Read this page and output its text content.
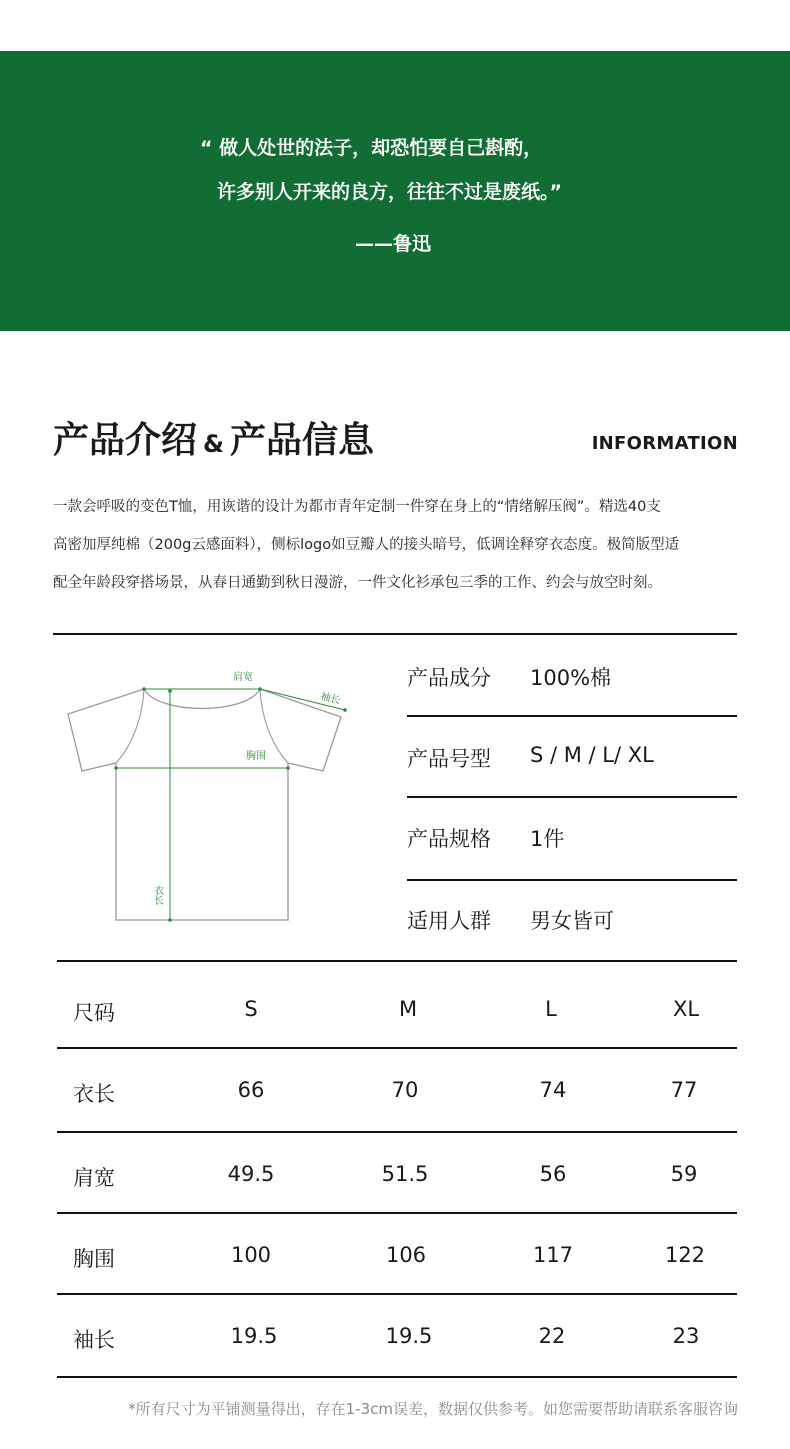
“ 做人处世的法子，却恐怕要自己斟酌，
许多别人开来的良方，往往不过是废纸。”
——鲁迅
产品介绍 & 产品信息	INFORMATION
一款会呼吸的变色T恤，用诙谐的设计为都市青年定制一件穿在身上的“情绪解压阀”。精选40支
高密加厚纯棉（200g云感面料），侧标logo如豆瓣人的接头暗号，低调诠释穿衣态度。极简版型适
配全年龄段穿搭场景，从春日通勤到秋日漫游，一件文化衫承包三季的工作、约会与放空时刻。
肩宽
袖长
胸围
衣长
产品成分 100%棉
产品号型 S / M / L/ XL
产品规格 1件
适用人群 男女皆可
尺码	S	M	L	XL
衣长	66	70	74	77
肩宽	49.5	51.5	56	59
胸围	100	106	117	122
袖长	19.5	19.5	22	23
*所有尺寸为平铺测量得出，存在1-3cm误差，数据仅供参考。如您需要帮助请联系客服咨询
